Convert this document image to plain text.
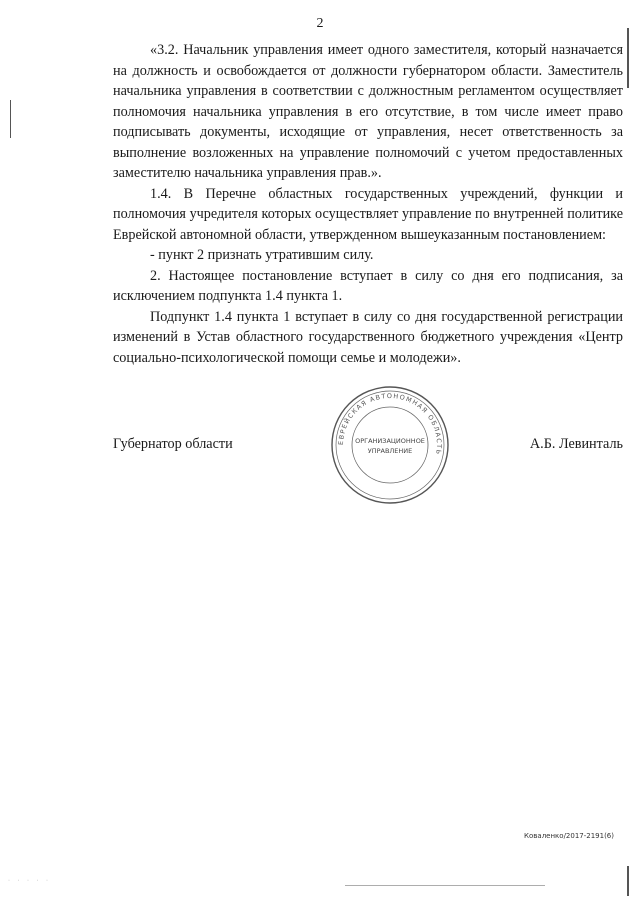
2

«3.2. Начальник управления имеет одного заместителя, который назначается на должность и освобождается от должности губернатором области. Заместитель начальника управления в соответствии с должностным регламентом осуществляет полномочия начальника управления в его отсутствие, в том числе имеет право подписывать документы, исходящие от управления, несет ответственность за выполнение возложенных на управление полномочий с учетом предоставленных заместителю начальника управления прав.».

1.4. В Перечне областных государственных учреждений, функции и полномочия учредителя которых осуществляет управление по внутренней политике Еврейской автономной области, утвержденном вышеуказанным постановлением:

- пункт 2 признать утратившим силу.

2. Настоящее постановление вступает в силу со дня его подписания, за исключением подпункта 1.4 пункта 1.

Подпункт 1.4 пункта 1 вступает в силу со дня государственной регистрации изменений в Устав областного государственного бюджетного учреждения «Центр социально-психологической помощи семье и молодежи».

Губернатор области	А.Б. Левинталь
ЕВРЕЙСКАЯ АВТОНОМНАЯ ОБЛАСТЬ
ОРГАНИЗАЦИОННОЕ
УПРАВЛЕНИЕ
· · · · ·
Коваленко/2017-2191(6)
